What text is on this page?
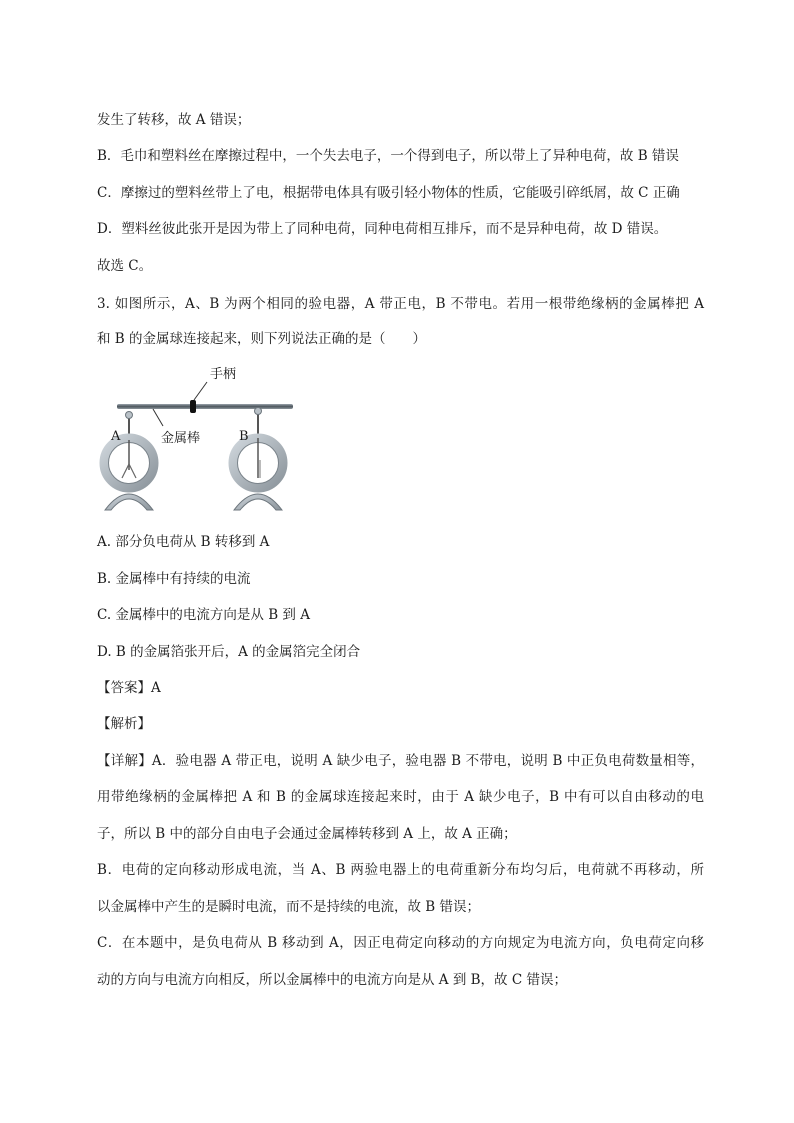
发生了转移，故 A 错误；
B．毛巾和塑料丝在摩擦过程中，一个失去电子，一个得到电子，所以带上了异种电荷，故 B 错误
C．摩擦过的塑料丝带上了电，根据带电体具有吸引轻小物体的性质，它能吸引碎纸屑，故 C 正确
D．塑料丝彼此张开是因为带上了同种电荷，同种电荷相互排斥，而不是异种电荷，故 D 错误。
故选 C。
3. 如图所示，A、B 为两个相同的验电器，A 带正电，B 不带电。若用一根带绝缘柄的金属棒把 A
和 B 的金属球连接起来，则下列说法正确的是（　　）
手柄
金属棒
A	B
A. 部分负电荷从 B 转移到 A
B. 金属棒中有持续的电流
C. 金属棒中的电流方向是从 B 到 A
D. B 的金属箔张开后，A 的金属箔完全闭合
【答案】A
【解析】
【详解】A．验电器 A 带正电，说明 A 缺少电子，验电器 B 不带电，说明 B 中正负电荷数量相等，
用带绝缘柄的金属棒把 A 和 B 的金属球连接起来时，由于 A 缺少电子，B 中有可以自由移动的电
子，所以 B 中的部分自由电子会通过金属棒转移到 A 上，故 A 正确；
B．电荷的定向移动形成电流，当 A、B 两验电器上的电荷重新分布均匀后，电荷就不再移动，所
以金属棒中产生的是瞬时电流，而不是持续的电流，故 B 错误；
C．在本题中，是负电荷从 B 移动到 A，因正电荷定向移动的方向规定为电流方向，负电荷定向移
动的方向与电流方向相反，所以金属棒中的电流方向是从 A 到 B，故 C 错误；
